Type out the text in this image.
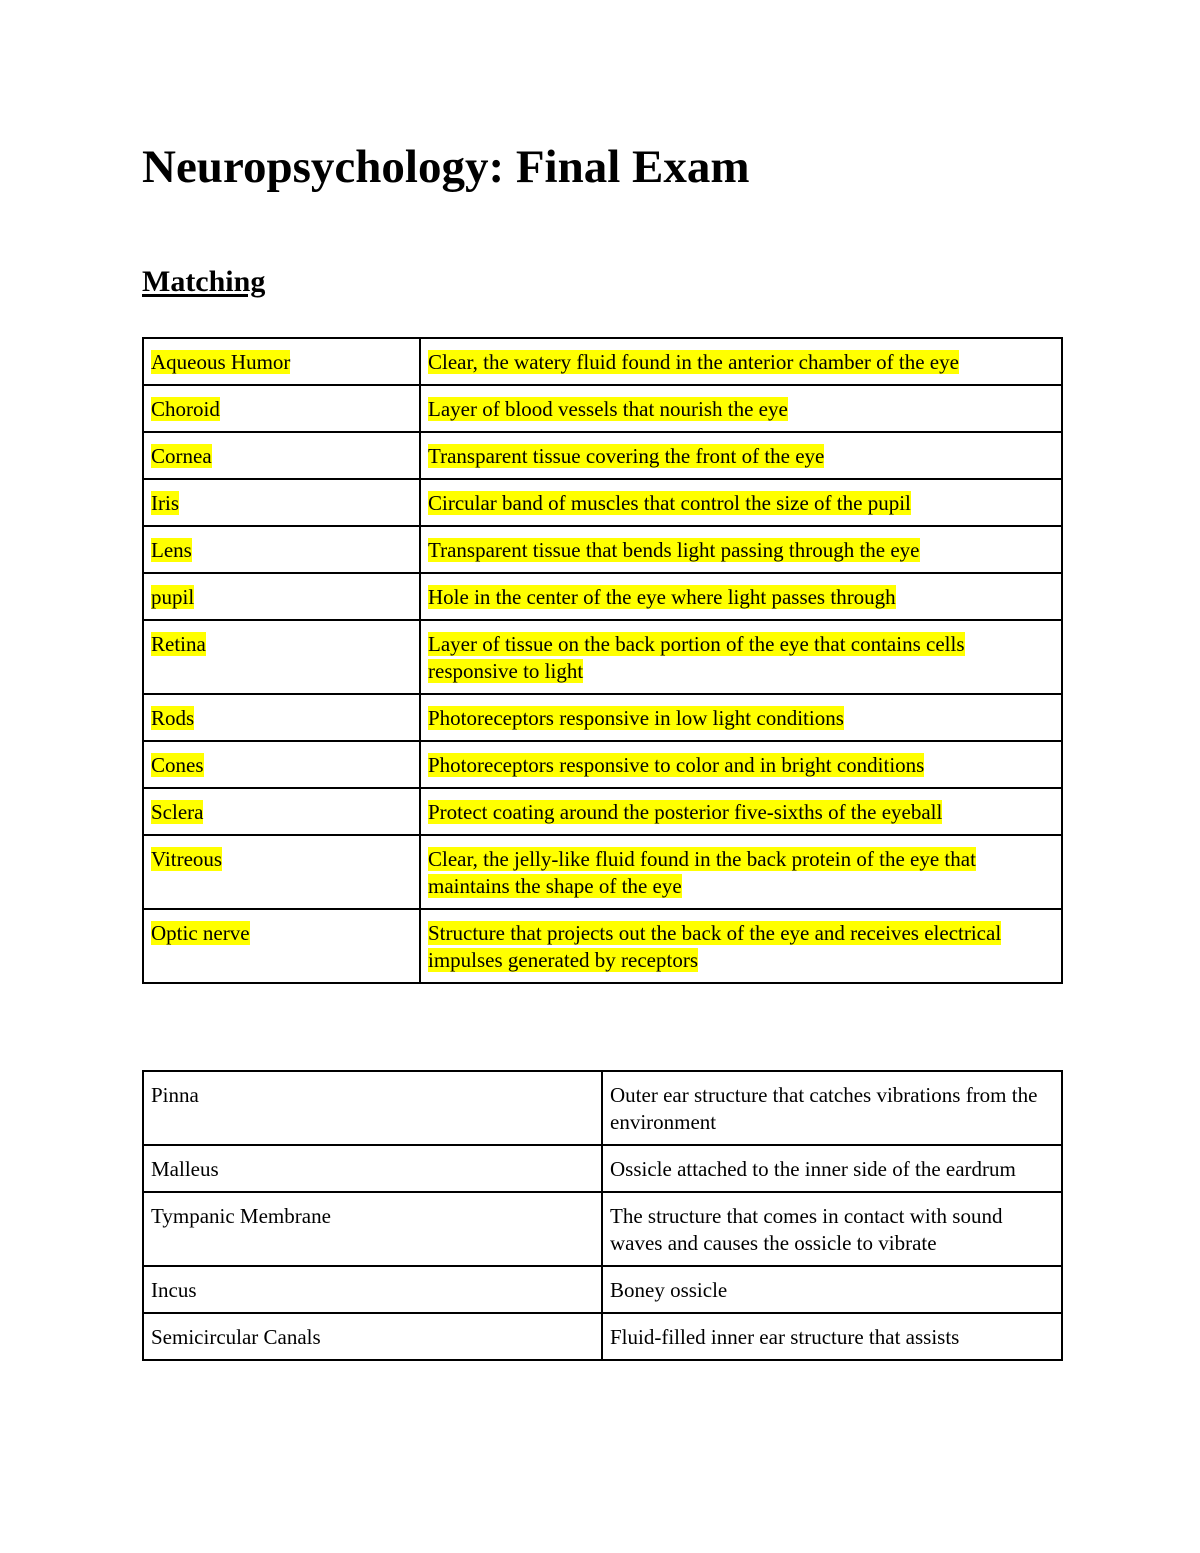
Neuropsychology: Final Exam
Matching
Aqueous Humor	Clear, the watery fluid found in the anterior chamber of the eye
Choroid	Layer of blood vessels that nourish the eye
Cornea	Transparent tissue covering the front of the eye
Iris	Circular band of muscles that control the size of the pupil
Lens	Transparent tissue that bends light passing through the eye
pupil	Hole in the center of the eye where light passes through
Retina	Layer of tissue on the back portion of the eye that contains cells responsive to light
Rods	Photoreceptors responsive in low light conditions
Cones	Photoreceptors responsive to color and in bright conditions
Sclera	Protect coating around the posterior five-sixths of the eyeball
Vitreous	Clear, the jelly-like fluid found in the back protein of the eye that maintains the shape of the eye
Optic nerve	Structure that projects out the back of the eye and receives electrical impulses generated by receptors
Pinna	Outer ear structure that catches vibrations from the environment
Malleus	Ossicle attached to the inner side of the eardrum
Tympanic Membrane	The structure that comes in contact with sound waves and causes the ossicle to vibrate
Incus	Boney ossicle
Semicircular Canals	Fluid-filled inner ear structure that assists
